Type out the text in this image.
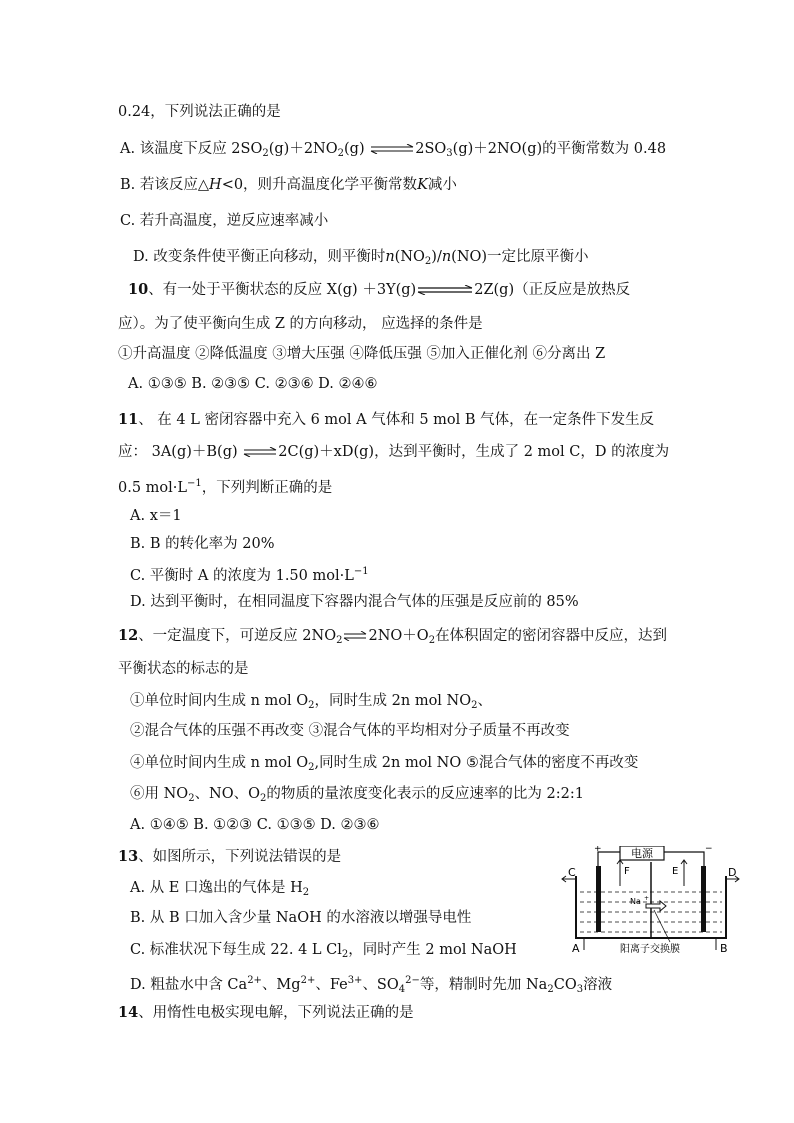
0.24，下列说法正确的是
A. 该温度下反应 $2SO_2(g)+2NO_2(g)$ $\rightleftharpoons 2SO_3(g)+2NO(g)$的平衡常数为 0.48
B. 若该反应△H<0，则升高温度化学平衡常数K减小
C. 若升高温度，逆反应速率减小
D. 改变条件使平衡正向移动，则平衡时$n(NO_2)/n(NO)$一定比原平衡小
10、有一处于平衡状态的反应 X(g) ＋3Y(g)⇌2Z(g)（正反应是放热反
应）。为了使平衡向生成 Z 的方向移动， 应选择的条件是
①升高温度 ②降低温度 ③增大压强 ④降低压强 ⑤加入正催化剂 ⑥分离出 Z
A. ①③⑤ B. ②③⑤ C. ②③⑥ D. ②④⑥
11、 在 4 L 密闭容器中充入 6 mol A 气体和 5 mol B 气体，在一定条件下发生反
应： 3A(g)＋B(g) ⇌2C(g)＋xD(g)，达到平衡时，生成了 2 mol C，D 的浓度为
0.5 $mol\cdot L^{-1}$，下列判断正确的是
A. x＝1
B. B 的转化率为 20%
C. 平衡时 A 的浓度为 1.50 $mol\cdot L^{-1}$
D. 达到平衡时，在相同温度下容器内混合气体的压强是反应前的 85%
12、一定温度下，可逆反应 $2NO_2\rightleftharpoons 2NO+O_2$在体积固定的密闭容器中反应，达到
平衡状态的标志的是
①单位时间内生成 n mol $O_2$，同时生成 2n mol $NO_2$、
②混合气体的压强不再改变 ③混合气体的平均相对分子质量不再改变
④单位时间内生成 n mol $O_2$,同时生成 2n mol NO ⑤混合气体的密度不再改变
⑥用 $NO_2$、NO、$O_2$的物质的量浓度变化表示的反应速率的比为 2:2:1
A. ①④⑤ B. ①②③ C. ①③⑤ D. ②③⑥
13、如图所示，下列说法错误的是
A. 从 E 口逸出的气体是 $H_2$
B. 从 B 口加入含少量 NaOH 的水溶液以增强导电性
C. 标准状况下每生成 22. 4 L $Cl_2$，同时产生 2 mol NaOH
D. 粗盐水中含 $Ca^{2+}$、$Mg^{2+}$、$Fe^{3+}$、$SO_4^{2-}$等，精制时先加 $Na_2CO_3$溶液
电源
+	−
F	E
C	D
Na +
A	B
阳离子交换膜
14、用惰性电极实现电解，下列说法正确的是
